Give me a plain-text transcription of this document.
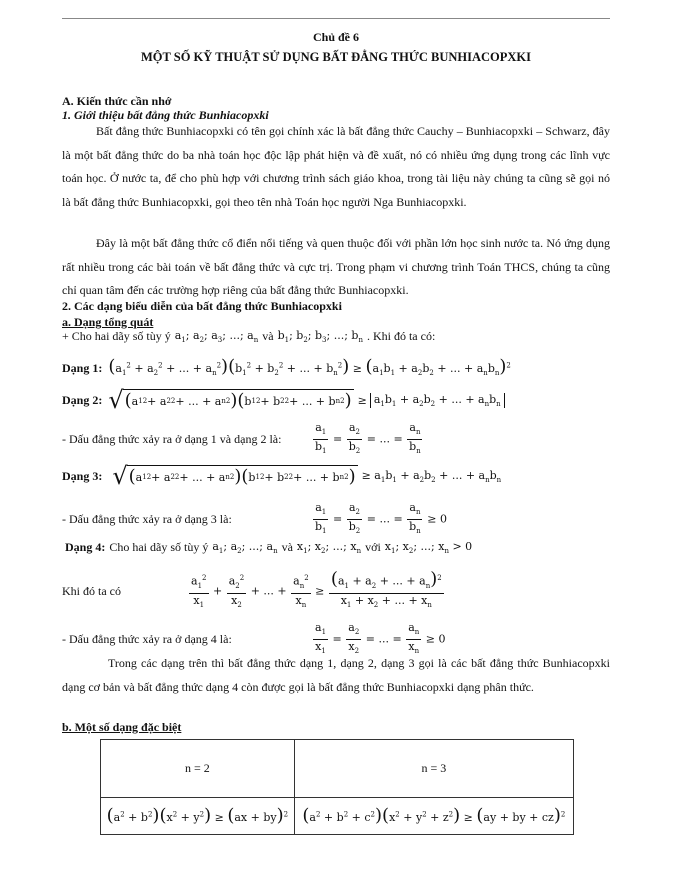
Chủ đề 6
MỘT SỐ KỸ THUẬT SỬ DỤNG BẤT ĐẲNG THỨC BUNHIACOPXKI
A. Kiến thức cần nhớ
1. Giới thiệu bất đẳng thức Bunhiacopxki
Bất đẳng thức Bunhiacopxki có tên gọi chính xác là bất đẳng thức Cauchy – Bunhiacopxki – Schwarz, đây là một bất đẳng thức do ba nhà toán học độc lập phát hiện và đề xuất, nó có nhiều ứng dụng trong các lĩnh vực toán học. Ở nước ta, để cho phù hợp với chương trình sách giáo khoa, trong tài liệu này chúng ta cũng sẽ gọi nó là bất đẳng thức Bunhiacopxki, gọi theo tên nhà Toán học người Nga Bunhiacopxki.
Đây là một bất đẳng thức cổ điển nổi tiếng và quen thuộc đối với phần lớn học sinh nước ta. Nó ứng dụng rất nhiều trong các bài toán về bất đẳng thức và cực trị. Trong phạm vi chương trình Toán THCS, chúng ta cũng chỉ quan tâm đến các trường hợp riêng của bất đẳng thức Bunhiacopxki.
2. Các dạng biểu diễn của bất đẳng thức Bunhiacopxki
a. Dạng tổng quát
+ Cho hai dãy số tùy ý $a_1$; $a_2$; $a_3$; ...; $a_n$ và $b_1$; $b_2$; $b_3$; ...; $b_n$ . Khi đó ta có:
Dạng 1: ($a_1^2 + a_2^2$ + ... + $a_n^2)(b_1^2 + b_2^2$ + ... + $b_n^2) \ge (a_1b_1 + a_2b_2$ + ... + $a_nb_n)^2$
Dạng 2: √ ( a 1 2 + a 2 2 + ... + a n 2 ) ( b 1 2 + b 2 2 + ... + b n 2 ) ≥ $a_1b_1 + a_2b_2$ + ... + $a_nb_n$
- Dấu đẳng thức xảy ra ở dạng 1 và dạng 2 là:	$\frac{a_1}{b_1} = \frac{a_2}{b_2}$ = ... = $\frac{a_n}{b_n}$
Dạng 3: √ ( a 1 2 + a 2 2 + ... + a n 2 ) ( b 1 2 + b 2 2 + ... + b n 2 ) ≥ $a_1b_1 + a_2b_2$ + ... + $a_nb_n$
- Dấu đẳng thức xảy ra ở dạng 3 là:	$\frac{a_1}{b_1} = \frac{a_2}{b_2}$ = ... = $\frac{a_n}{b_n} \ge 0$
Dạng 4: Cho hai dãy số tùy ý $a_1$; $a_2$; ...; $a_n$ và $x_1$; $x_2$; ...; $x_n$ với $x_1$; $x_2$; ...; $x_n > 0$
Khi đó ta có	$\frac{a_1^2}{x_1} + \frac{a_2^2}{x_2}$ + ... + $\frac{a_n^2}{x_n} \ge \frac{(a_1 + a_2 + ... + a_n)^2}{x_1 + x_2 + ... + x_n}$
- Dấu đẳng thức xảy ra ở dạng 4 là:	$\frac{a_1}{x_1} = \frac{a_2}{x_2}$ = ... = $\frac{a_n}{x_n} \ge 0$
Trong các dạng trên thì bất đẳng thức dạng 1, dạng 2, dạng 3 gọi là các bất đẳng thức Bunhiacopxki dạng cơ bản và bất đẳng thức dạng 4 còn được gọi là bất đẳng thức Bunhiacopxki dạng phân thức.
b. Một số dạng đặc biệt
n = 2	n = 3
$(a^2 + b^2)(x^2 + y^2) \ge (ax + by)^2$	$(a^2 + b^2 + c^2)(x^2 + y^2 + z^2) \ge (ay$ + by + cz)$^2$
